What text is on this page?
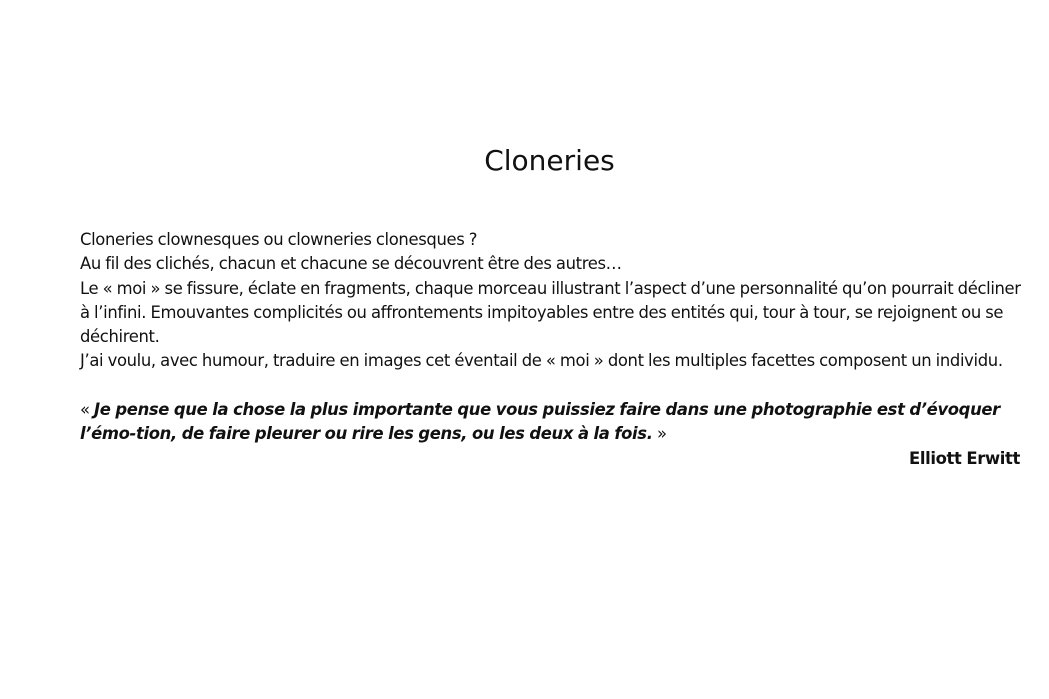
Cloneries

Cloneries clownesques ou clowneries clonesques ?

Au fil des clichés, chacun et chacune se découvrent être des autres…

Le « moi » se fissure, éclate en fragments, chaque morceau illustrant l’aspect d’une personnalité qu’on pourrait décliner à l’infini. Emouvantes complicités ou affrontements impitoyables entre des entités qui, tour à tour, se rejoignent ou se déchirent.

J’ai voulu, avec humour, traduire en images cet éventail de « moi » dont les multiples facettes composent un individu.

« Je pense que la chose la plus importante que vous puissiez faire dans une photographie est d’évoquer l’émo-tion, de faire pleurer ou rire les gens, ou les deux à la fois. »

Elliott Erwitt
